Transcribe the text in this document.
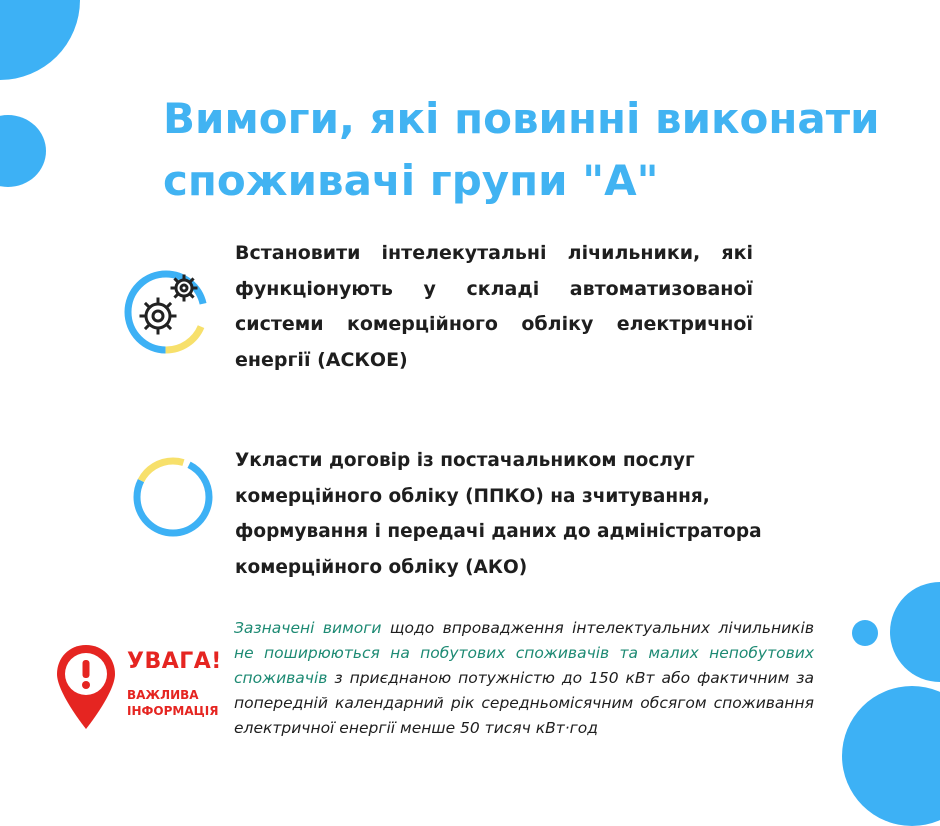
Вимоги, які повинні виконати споживачі групи "А"

Встановити інтелекутальні лічильники, які функціонують у складі автоматизованої системи комерційного обліку електричної енергії (АСКОЕ)

Укласти договір із постачальником послуг комерційного обліку (ППКО) на зчитування, формування і передачі даних до адміністратора комерційного обліку (АКО)

УВАГА!
ВАЖЛИВА
ІНФОРМАЦІЯ

Зазначені вимоги щодо впровадження інтелектуальних лічильників не поширюються на побутових споживачів та малих непобутових споживачів з приєднаною потужністю до 150 кВт або фактичним за попередній календарний рік середньомісячним обсягом споживання електричної енергії менше 50 тисяч кВт·год
